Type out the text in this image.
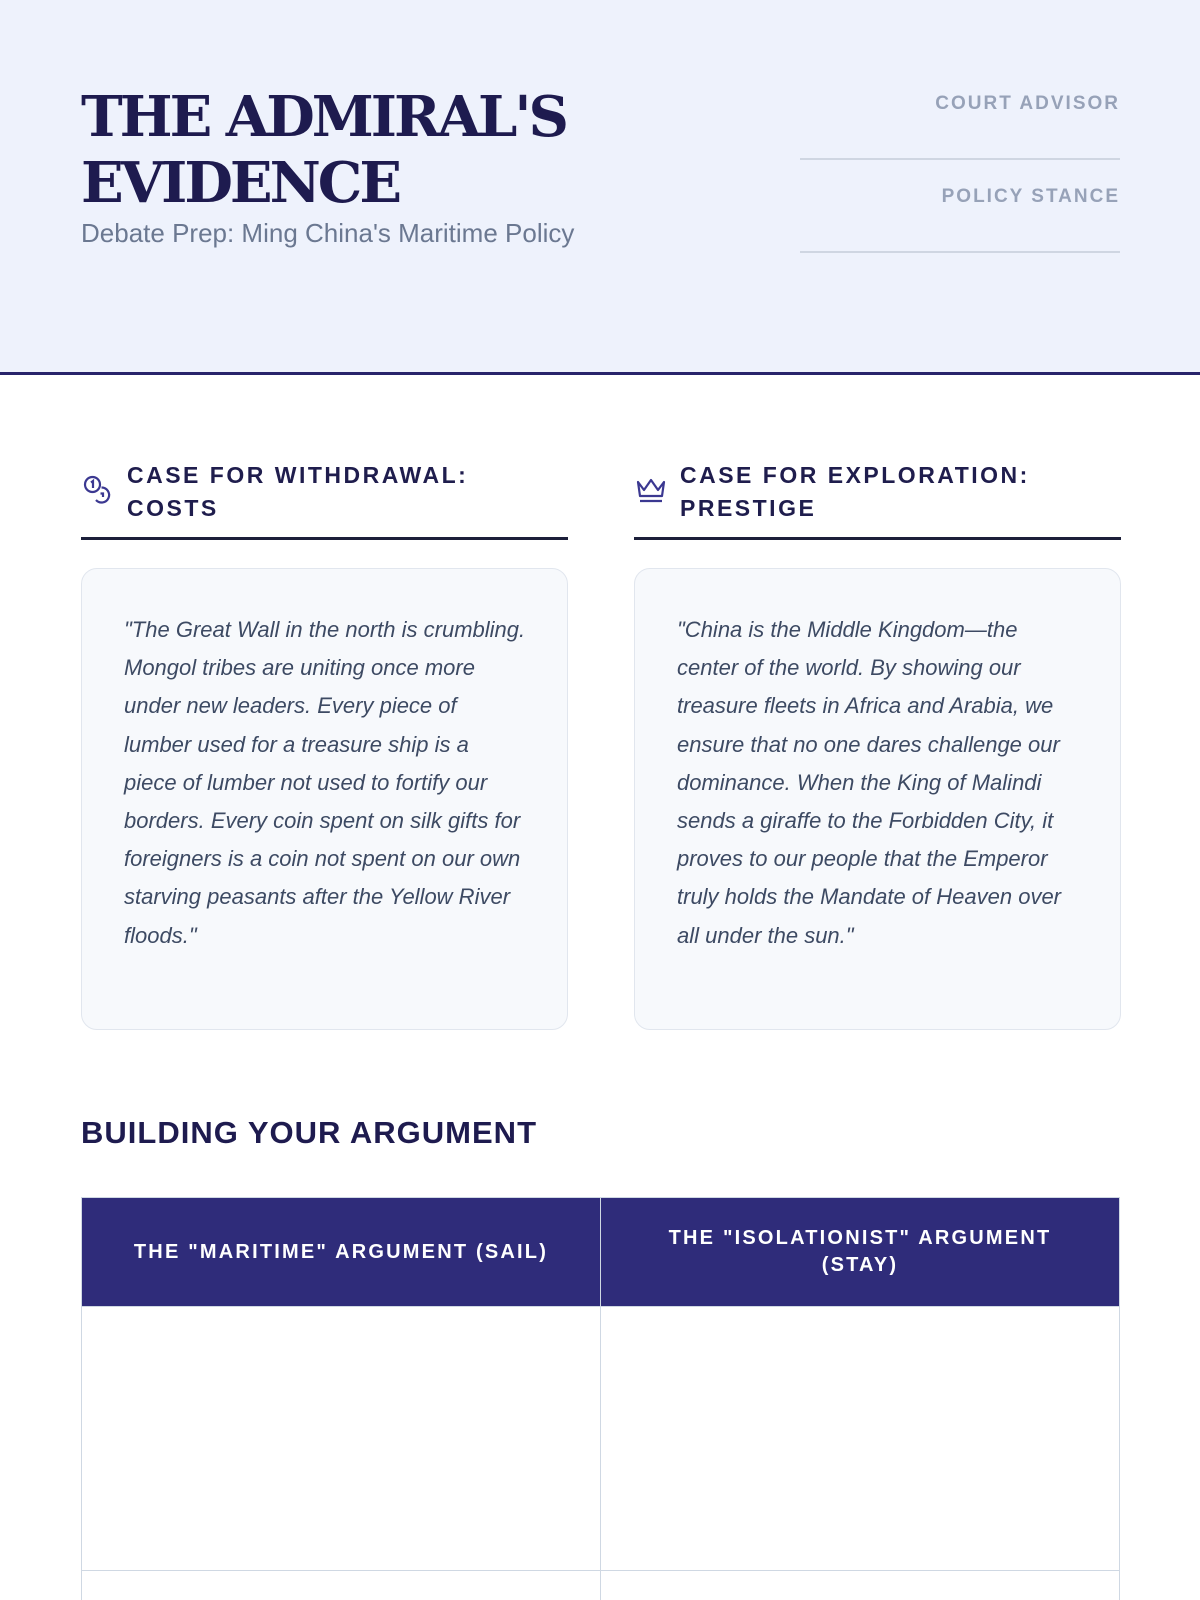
THE ADMIRAL'S EVIDENCE
Debate Prep: Ming China's Maritime Policy
COURT ADVISOR
POLICY STANCE
CASE FOR WITHDRAWAL: COSTS

"The Great Wall in the north is crumbling. Mongol tribes are uniting once more under new leaders. Every piece of lumber used for a treasure ship is a piece of lumber not used to fortify our borders. Every coin spent on silk gifts for foreigners is a coin not spent on our own starving peasants after the Yellow River floods."

CASE FOR EXPLORATION: PRESTIGE

"China is the Middle Kingdom—the center of the world. By showing our treasure fleets in Africa and Arabia, we ensure that no one dares challenge our dominance. When the King of Malindi sends a giraffe to the Forbidden City, it proves to our people that the Emperor truly holds the Mandate of Heaven over all under the sun."

BUILDING YOUR ARGUMENT
THE "MARITIME" ARGUMENT (SAIL)	THE "ISOLATIONIST" ARGUMENT (STAY)
